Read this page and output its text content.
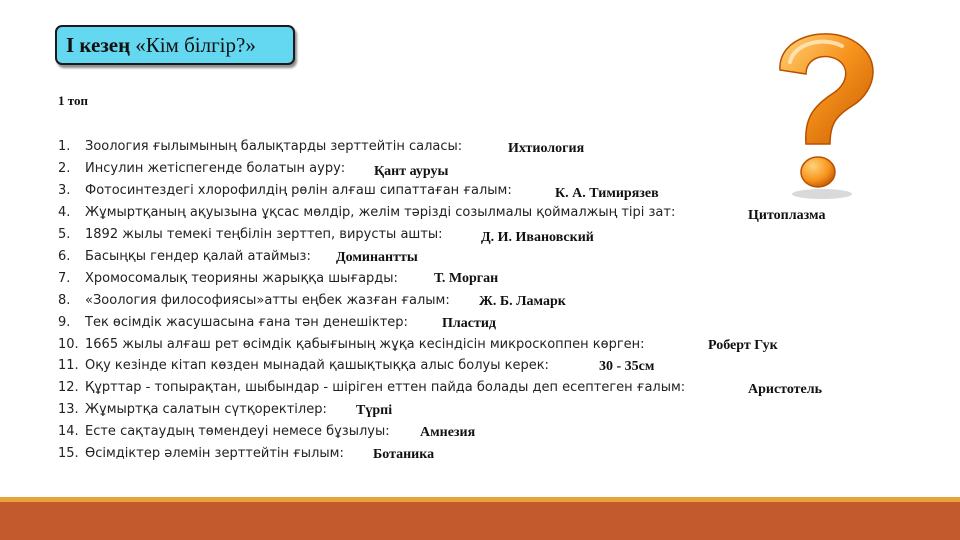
І кезең «Кім білгір?»
1 топ
1. Зоология ғылымының балықтарды зерттейтін саласы:
2. Инсулин жетіспегенде болатын ауру:
3. Фотосинтездегі хлорофилдің рөлін алғаш сипаттаған ғалым:
4. Жұмыртқаның ақуызына ұқсас мөлдір, желім тәрізді созылмалы қоймалжың тірі зат:
5. 1892 жылы темекі теңбілін зерттеп, вирусты ашты:
6. Басыңқы гендер қалай атаймыз:
7. Хромосомалық теорияны жарыққа шығарды:
8. «Зоология философиясы»атты еңбек жазған ғалым:
9. Тек өсімдік жасушасына ғана тән денешіктер:
10. 1665 жылы алғаш рет өсімдік қабығының жұқа кесіндісін микроскоппен көрген:
11. Оқу кезінде кітап көзден мынадай қашықтыққа алыс болуы керек:
12. Құрттар - топырақтан, шыбындар - шіріген еттен пайда болады деп есептеген ғалым:
13. Жұмыртқа салатын сүтқоректілер:
14. Есте сақтаудың төмендеуі немесе бұзылуы:
15. Өсімдіктер әлемін зерттейтін ғылым:
Ихтиология
Қант ауруы
К. А. Тимирязев
Цитоплазма
Д. И. Ивановский
Доминантты
Т. Морган
Ж. Б. Ламарк
Пластид
Роберт Гук
30 - 35см
Аристотель
Түрпі
Амнезия
Ботаника
